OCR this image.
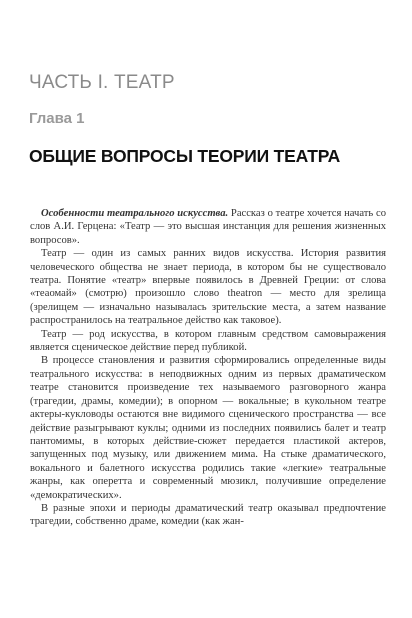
ЧАСТЬ I. ТЕАТР
Глава 1
ОБЩИЕ ВОПРОСЫ ТЕОРИИ ТЕАТРА

Особенности театрального искусства. Рассказ о театре хочется начать со слов А.И. Герцена: «Театр — это высшая инстанция для решения жизненных вопросов».

Театр — один из самых ранних видов искусства. История развития человеческого общества не знает периода, в котором бы не существовало театра. Понятие «театр» впервые появилось в Древней Греции: от слова «теаомай» (смотрю) произошло слово theatron — место для зрелища (зрелищем — изначально называлась зрительские места, а затем название распространилось на театральное действо как таковое).

Театр — род искусства, в котором главным средством самовыражения является сценическое действие перед публикой.

В процессе становления и развития сформировались определенные виды театрального искусства: в неподвижных одним из первых драматическом театре становится произведение тех называемого разговорного жанра (трагедии, драмы, комедии); в опорном — вокальные; в кукольном театре актеры-кукловоды остаются вне видимого сценического пространства — все действие разыгрывают куклы; одними из последних появились балет и театр пантомимы, в которых действие-сюжет передается пластикой актеров, запущенных под музыку, или движением мима. На стыке драматического, вокального и балетного искусства родились такие «легкие» театральные жанры, как оперетта и современный мюзикл, получившие определение «демократических».

В разные эпохи и периоды драматический театр оказывал предпочтение трагедии, собственно драме, комедии (как жан-
